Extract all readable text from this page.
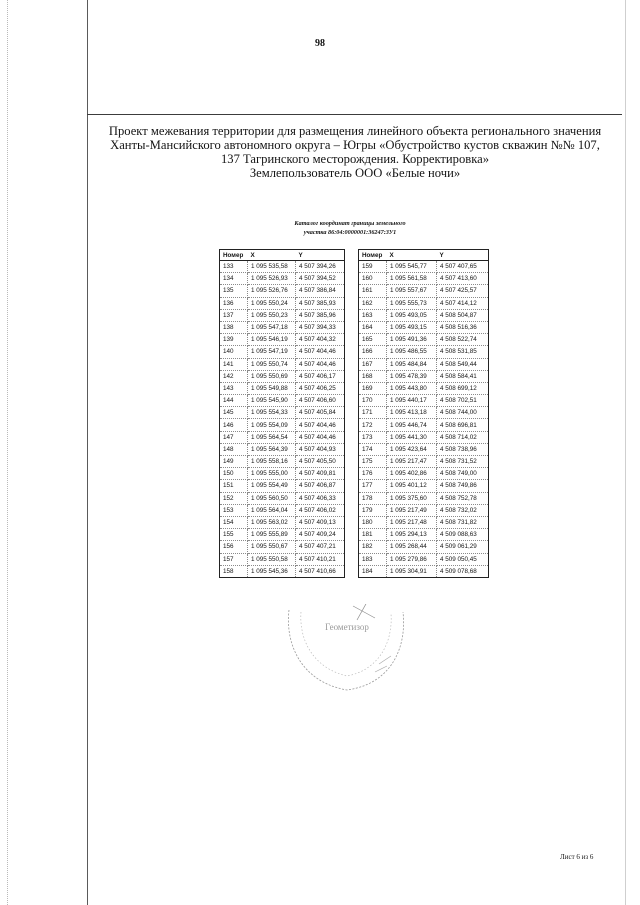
98
Проект межевания территории для размещения линейного объекта регионального значения
Ханты-Мансийского автономного округа – Югры «Обустройство кустов скважин №№ 107,
137 Тагринского месторождения. Корректировка»
Землепользователь ООО «Белые ночи»
Каталог координат границы земельного
участка 86:04:0000001:36247:ЗУ1
Номер	X	Y
133	1 095 535,58	4 507 394,26
134	1 095 526,93	4 507 394,52
135	1 095 526,76	4 507 386,84
136	1 095 550,24	4 507 385,93
137	1 095 550,23	4 507 385,96
138	1 095 547,18	4 507 394,33
139	1 095 546,19	4 507 404,32
140	1 095 547,19	4 507 404,46
141	1 095 550,74	4 507 404,46
142	1 095 550,69	4 507 406,17
143	1 095 549,88	4 507 406,25
144	1 095 545,90	4 507 406,60
145	1 095 554,33	4 507 405,84
146	1 095 554,09	4 507 404,46
147	1 095 564,54	4 507 404,46
148	1 095 564,39	4 507 404,93
149	1 095 558,16	4 507 405,50
150	1 095 555,00	4 507 409,81
151	1 095 554,49	4 507 406,87
152	1 095 560,50	4 507 406,33
153	1 095 564,04	4 507 406,02
154	1 095 563,02	4 507 409,13
155	1 095 555,89	4 507 409,24
156	1 095 550,67	4 507 407,21
157	1 095 550,58	4 507 410,21
158	1 095 545,36	4 507 410,66
Номер	X	Y
159	1 095 545,77	4 507 407,65
160	1 095 561,58	4 507 413,60
161	1 095 557,67	4 507 425,57
162	1 095 555,73	4 507 414,12
163	1 095 493,05	4 508 504,87
164	1 095 493,15	4 508 516,36
165	1 095 491,36	4 508 522,74
166	1 095 486,55	4 508 531,85
167	1 095 484,84	4 508 549,44
168	1 095 478,39	4 508 584,41
169	1 095 443,80	4 508 699,12
170	1 095 440,17	4 508 702,51
171	1 095 413,18	4 508 744,00
172	1 095 446,74	4 508 696,81
173	1 095 441,30	4 508 714,02
174	1 095 423,64	4 508 738,96
175	1 095 217,47	4 508 731,52
176	1 095 402,86	4 508 749,00
177	1 095 401,12	4 508 749,86
178	1 095 375,60	4 508 752,78
179	1 095 217,49	4 508 732,02
180	1 095 217,48	4 508 731,82
181	1 095 294,13	4 509 088,63
182	1 095 268,44	4 509 061,29
183	1 095 279,86	4 509 050,45
184	1 095 304,91	4 509 078,68
Геометизор
Лист 6 из 6
